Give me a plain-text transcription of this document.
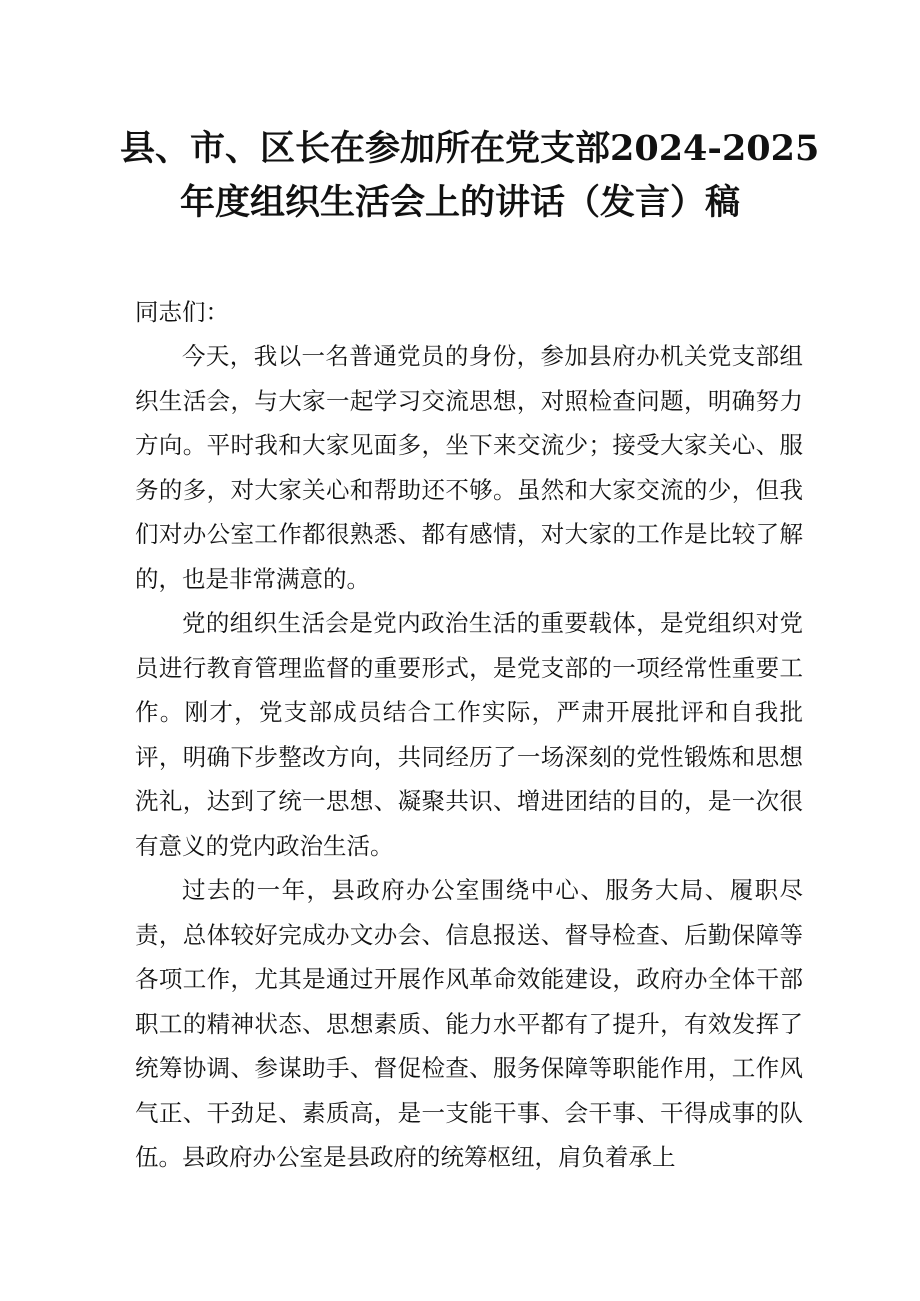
县、市、区长在参加所在党支部2024-2025
年度组织生活会上的讲话（发言）稿

同志们：

今天，我以一名普通党员的身份，参加县府办机关党支部组织生活会，与大家一起学习交流思想，对照检查问题，明确努力方向。平时我和大家见面多，坐下来交流少；接受大家关心、服务的多，对大家关心和帮助还不够。虽然和大家交流的少，但我们对办公室工作都很熟悉、都有感情，对大家的工作是比较了解的，也是非常满意的。

党的组织生活会是党内政治生活的重要载体，是党组织对党员进行教育管理监督的重要形式，是党支部的一项经常性重要工作。刚才，党支部成员结合工作实际，严肃开展批评和自我批评，明确下步整改方向，共同经历了一场深刻的党性锻炼和思想洗礼，达到了统一思想、凝聚共识、增进团结的目的，是一次很有意义的党内政治生活。

过去的一年，县政府办公室围绕中心、服务大局、履职尽责，总体较好完成办文办会、信息报送、督导检查、后勤保障等各项工作，尤其是通过开展作风革命效能建设，政府办全体干部职工的精神状态、思想素质、能力水平都有了提升，有效发挥了统筹协调、参谋助手、督促检查、服务保障等职能作用，工作风气正、干劲足、素质高，是一支能干事、会干事、干得成事的队伍。县政府办公室是县政府的统筹枢纽，肩负着承上
